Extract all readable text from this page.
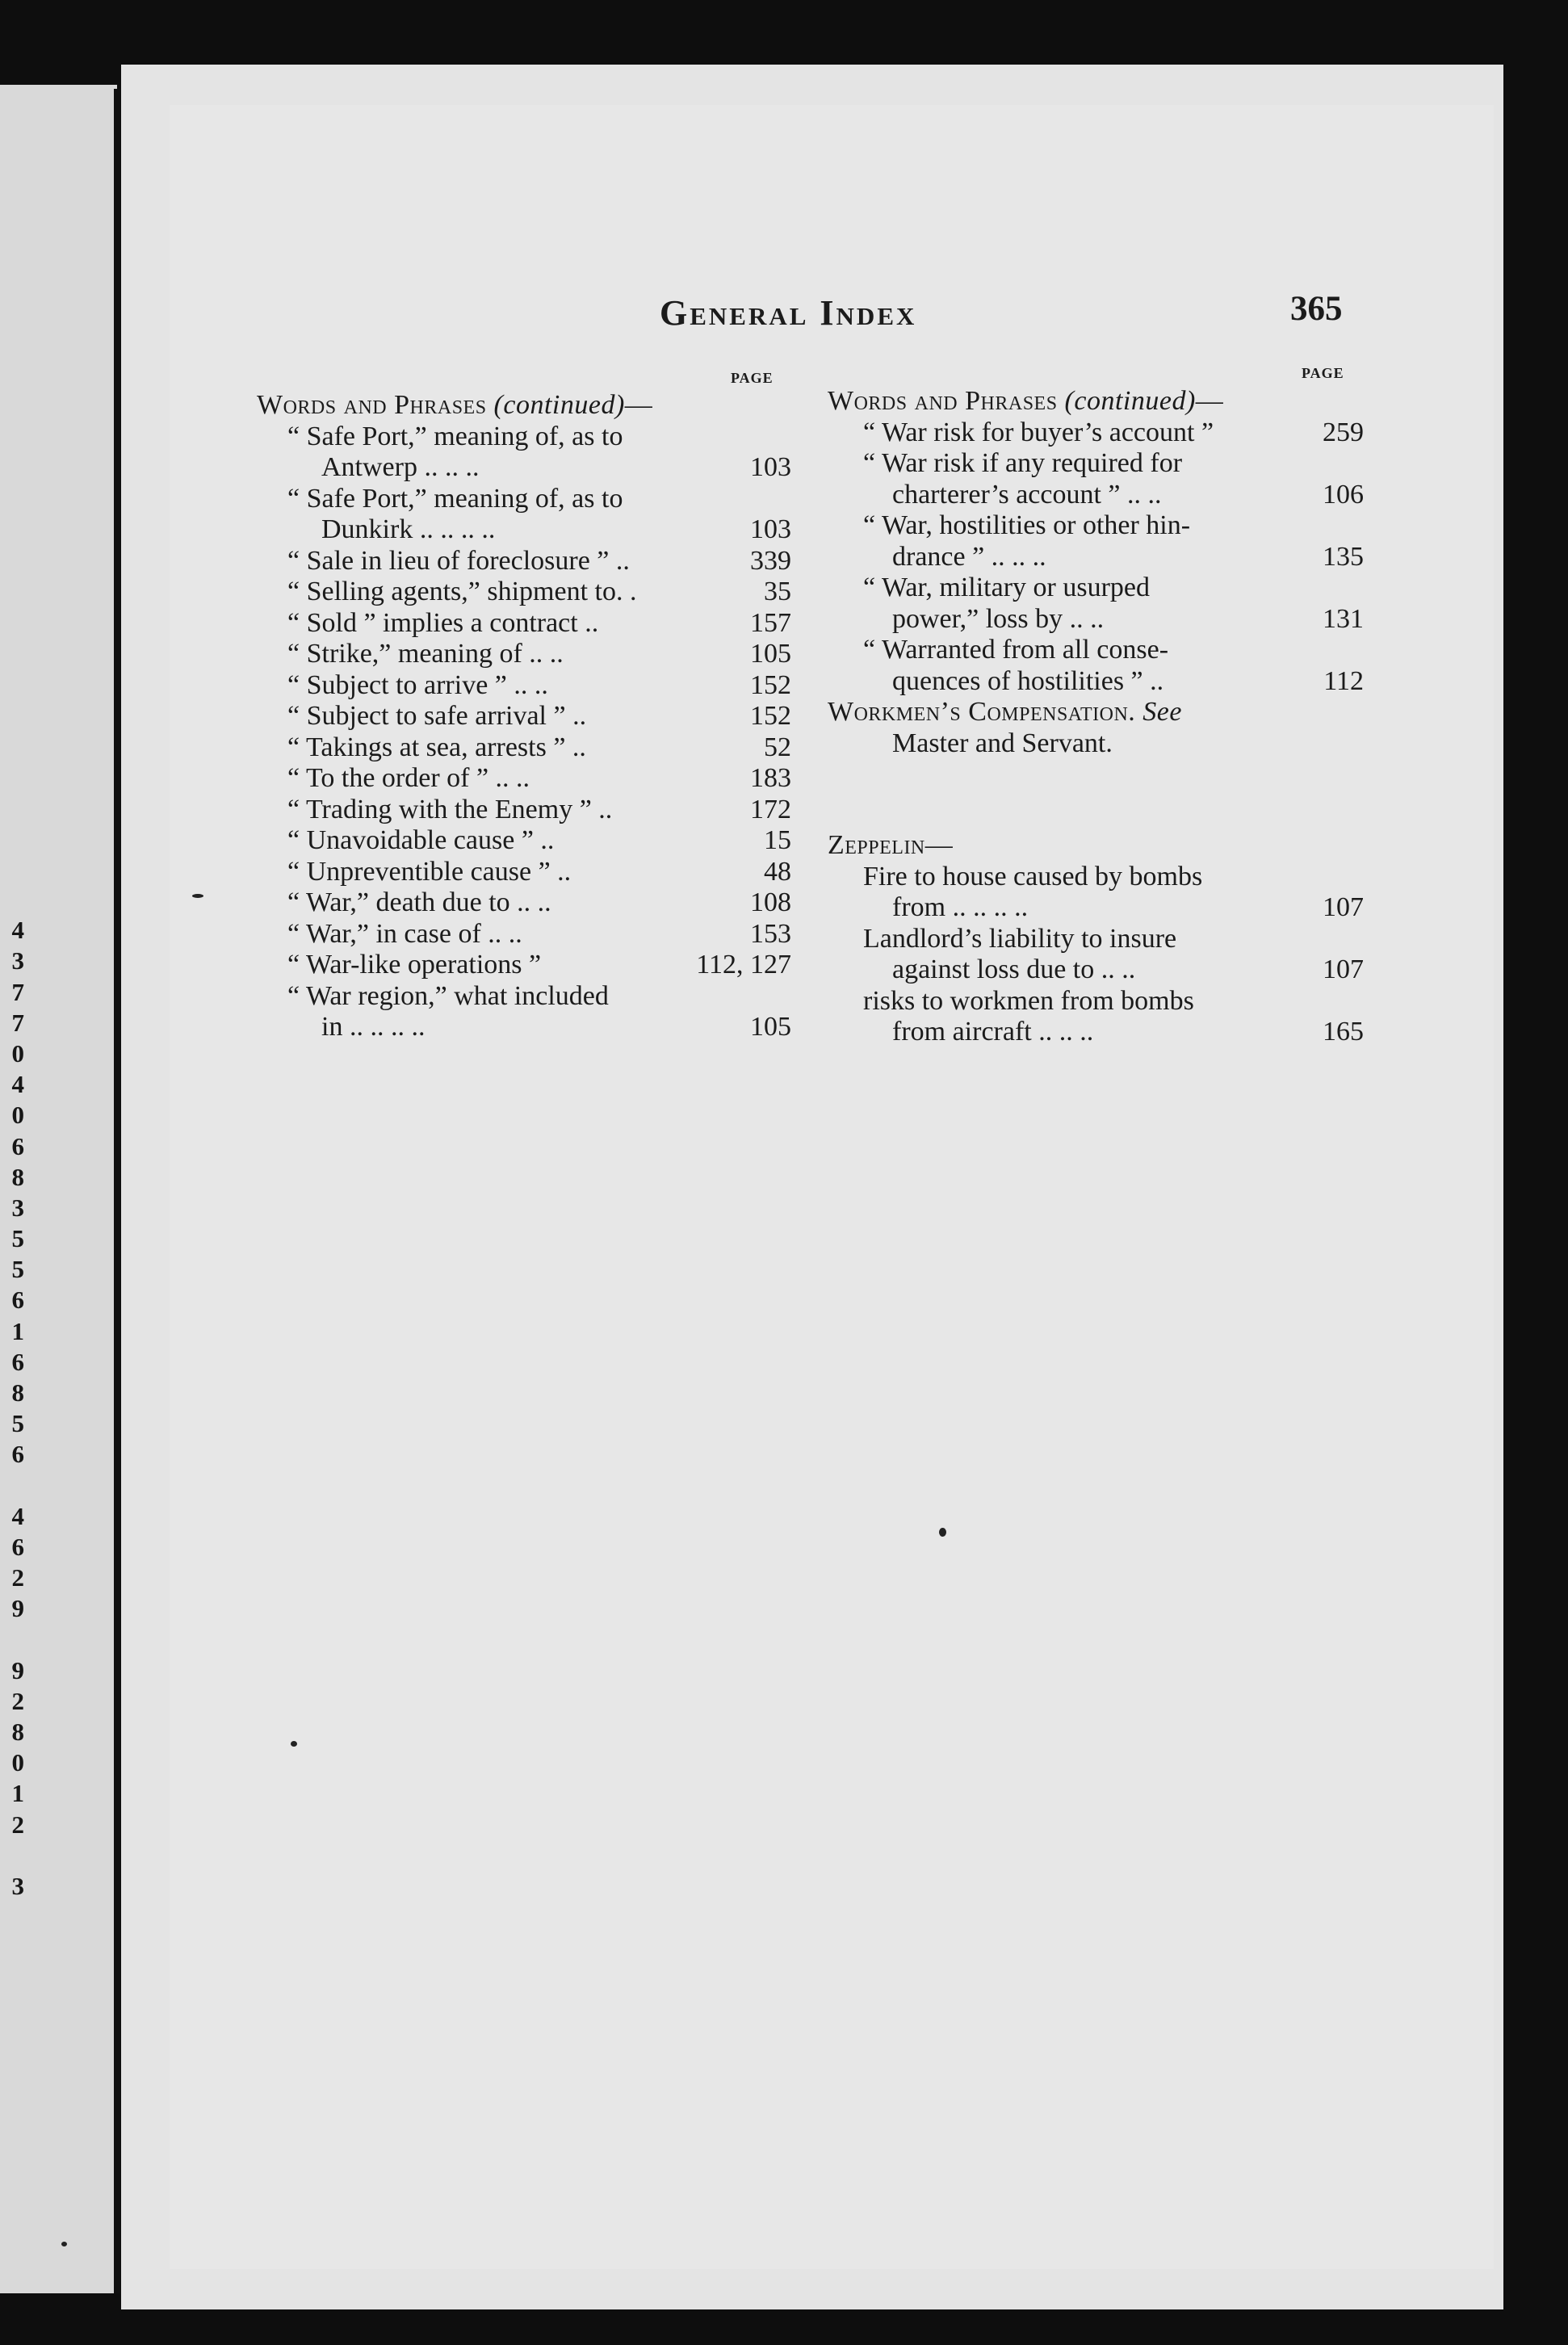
4
3
7
7
0
4
0
6
8
3
5
5
6
1
6
8
5
6
4
6
2
9
9
2
8
0
1
2
3
General Index	365
PAGE	PAGE
Words and Phrases (continued)—
“ Safe Port,” meaning of, as to
Antwerp .. .. ..	103
“ Safe Port,” meaning of, as to
Dunkirk .. .. .. ..	103
“ Sale in lieu of foreclosure ” ..	339
“ Selling agents,” shipment to. .	35
“ Sold ” implies a contract ..	157
“ Strike,” meaning of .. ..	105
“ Subject to arrive ” .. ..	152
“ Subject to safe arrival ” ..	152
“ Takings at sea, arrests ” ..	52
“ To the order of ” .. ..	183
“ Trading with the Enemy ” ..	172
“ Unavoidable cause ” ..	15
“ Unpreventible cause ” ..	48
“ War,” death due to .. ..	108
“ War,” in case of .. ..	153
“ War-like operations ”	112, 127
“ War region,” what included
in .. .. .. ..	105
Words and Phrases (continued)—
“ War risk for buyer’s account ”	259
“ War risk if any required for
charterer’s account ” .. ..	106
“ War, hostilities or other hin-
drance ” .. .. ..	135
“ War, military or usurped
power,” loss by .. ..	131
“ Warranted from all conse-
quences of hostilities ” ..	112
Workmen’s Compensation. See
Master and Servant.
Zeppelin—
Fire to house caused by bombs
from .. .. .. ..	107
Landlord’s liability to insure
against loss due to .. ..	107
risks to workmen from bombs
from aircraft .. .. ..	165
